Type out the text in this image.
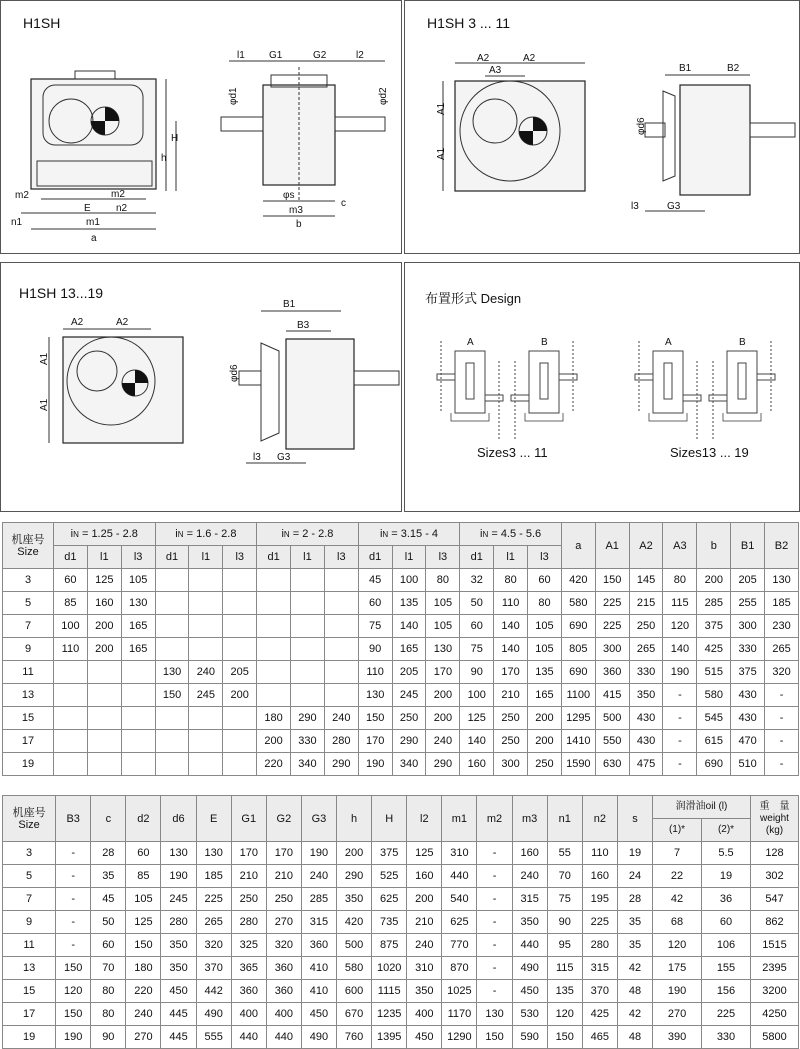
H1SH
H
h
m2	m2
n1
E
m1
n2
a
l1 G1	G2	l2
φd1	φd2
φs
m3
b
c
H1SH 3 ... 11
A2
A3
A2
A1
A1
B1	B2
φd6
l3	G3
H1SH 13...19
A2	A2
A1
A1
B1
B3
φd6
l3 G3
布置形式 Design
A	B	A	B
Sizes3 ... 11	Sizes13 ... 19
机座号
Size	iN = 1.25 - 2.8			iN = 1.6 - 2.8			iN = 2 - 2.8			iN = 3.15 - 4			iN = 4.5 - 5.6			a	A1	A2	A3	b	B1	B2
	d1	l1	l3	d1	l1	l3	d1	l1	l3	d1	l1	l3	d1	l1	l3							
3	60	125	105							45	100	80	32	80	60	420	150	145	80	200	205	130
5	85	160	130							60	135	105	50	110	80	580	225	215	115	285	255	185
7	100	200	165							75	140	105	60	140	105	690	225	250	120	375	300	230
9	110	200	165							90	165	130	75	140	105	805	300	265	140	425	330	265
11				130	240	205				110	205	170	90	170	135	690	360	330	190	515	375	320
13				150	245	200				130	245	200	100	210	165	1100	415	350	-	580	430	-
15							180	290	240	150	250	200	125	250	200	1295	500	430	-	545	430	-
17							200	330	280	170	290	240	140	250	200	1410	550	430	-	615	470	-
19							220	340	290	190	340	290	160	300	250	1590	630	475	-	690	510	-
机座号
Size	B3	c	d2	d6	E	G1	G2	G3	h	H	l2	m1	m2	m3	n1	n2	s	润滑油oil (l)		重　量
weight
(kg)
																		(1)*	(2)*	
3	-	28	60	130	130	170	170	190	200	375	125	310	-	160	55	110	19	7	5.5	128
5	-	35	85	190	185	210	210	240	290	525	160	440	-	240	70	160	24	22	19	302
7	-	45	105	245	225	250	250	285	350	625	200	540	-	315	75	195	28	42	36	547
9	-	50	125	280	265	280	270	315	420	735	210	625	-	350	90	225	35	68	60	862
11	-	60	150	350	320	325	320	360	500	875	240	770	-	440	95	280	35	120	106	1515
13	150	70	180	350	370	365	360	410	580	1020	310	870	-	490	115	315	42	175	155	2395
15	120	80	220	450	442	360	360	410	600	1115	350	1025	-	450	135	370	48	190	156	3200
17	150	80	240	445	490	400	400	450	670	1235	400	1170	130	530	120	425	42	270	225	4250
19	190	90	270	445	555	440	440	490	760	1395	450	1290	150	590	150	465	48	390	330	5800
